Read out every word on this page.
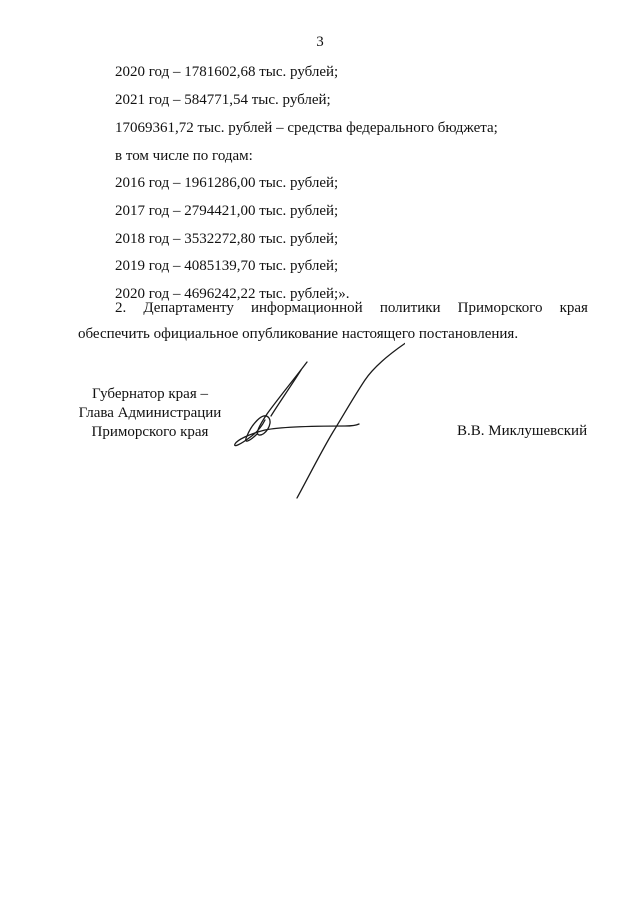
3
2020 год – 1781602,68 тыс. рублей;
2021 год – 584771,54 тыс. рублей;
17069361,72 тыс. рублей – средства федерального бюджета;
в том числе по годам:
2016 год – 1961286,00 тыс. рублей;
2017 год – 2794421,00 тыс. рублей;
2018 год – 3532272,80 тыс. рублей;
2019 год – 4085139,70 тыс. рублей;
2020 год – 4696242,22 тыс. рублей;».
2. Департаменту информационной политики Приморского края
обеспечить официальное опубликование настоящего постановления.
Губернатор края –
Глава Администрации
Приморского края	В.В. Миклушевский
